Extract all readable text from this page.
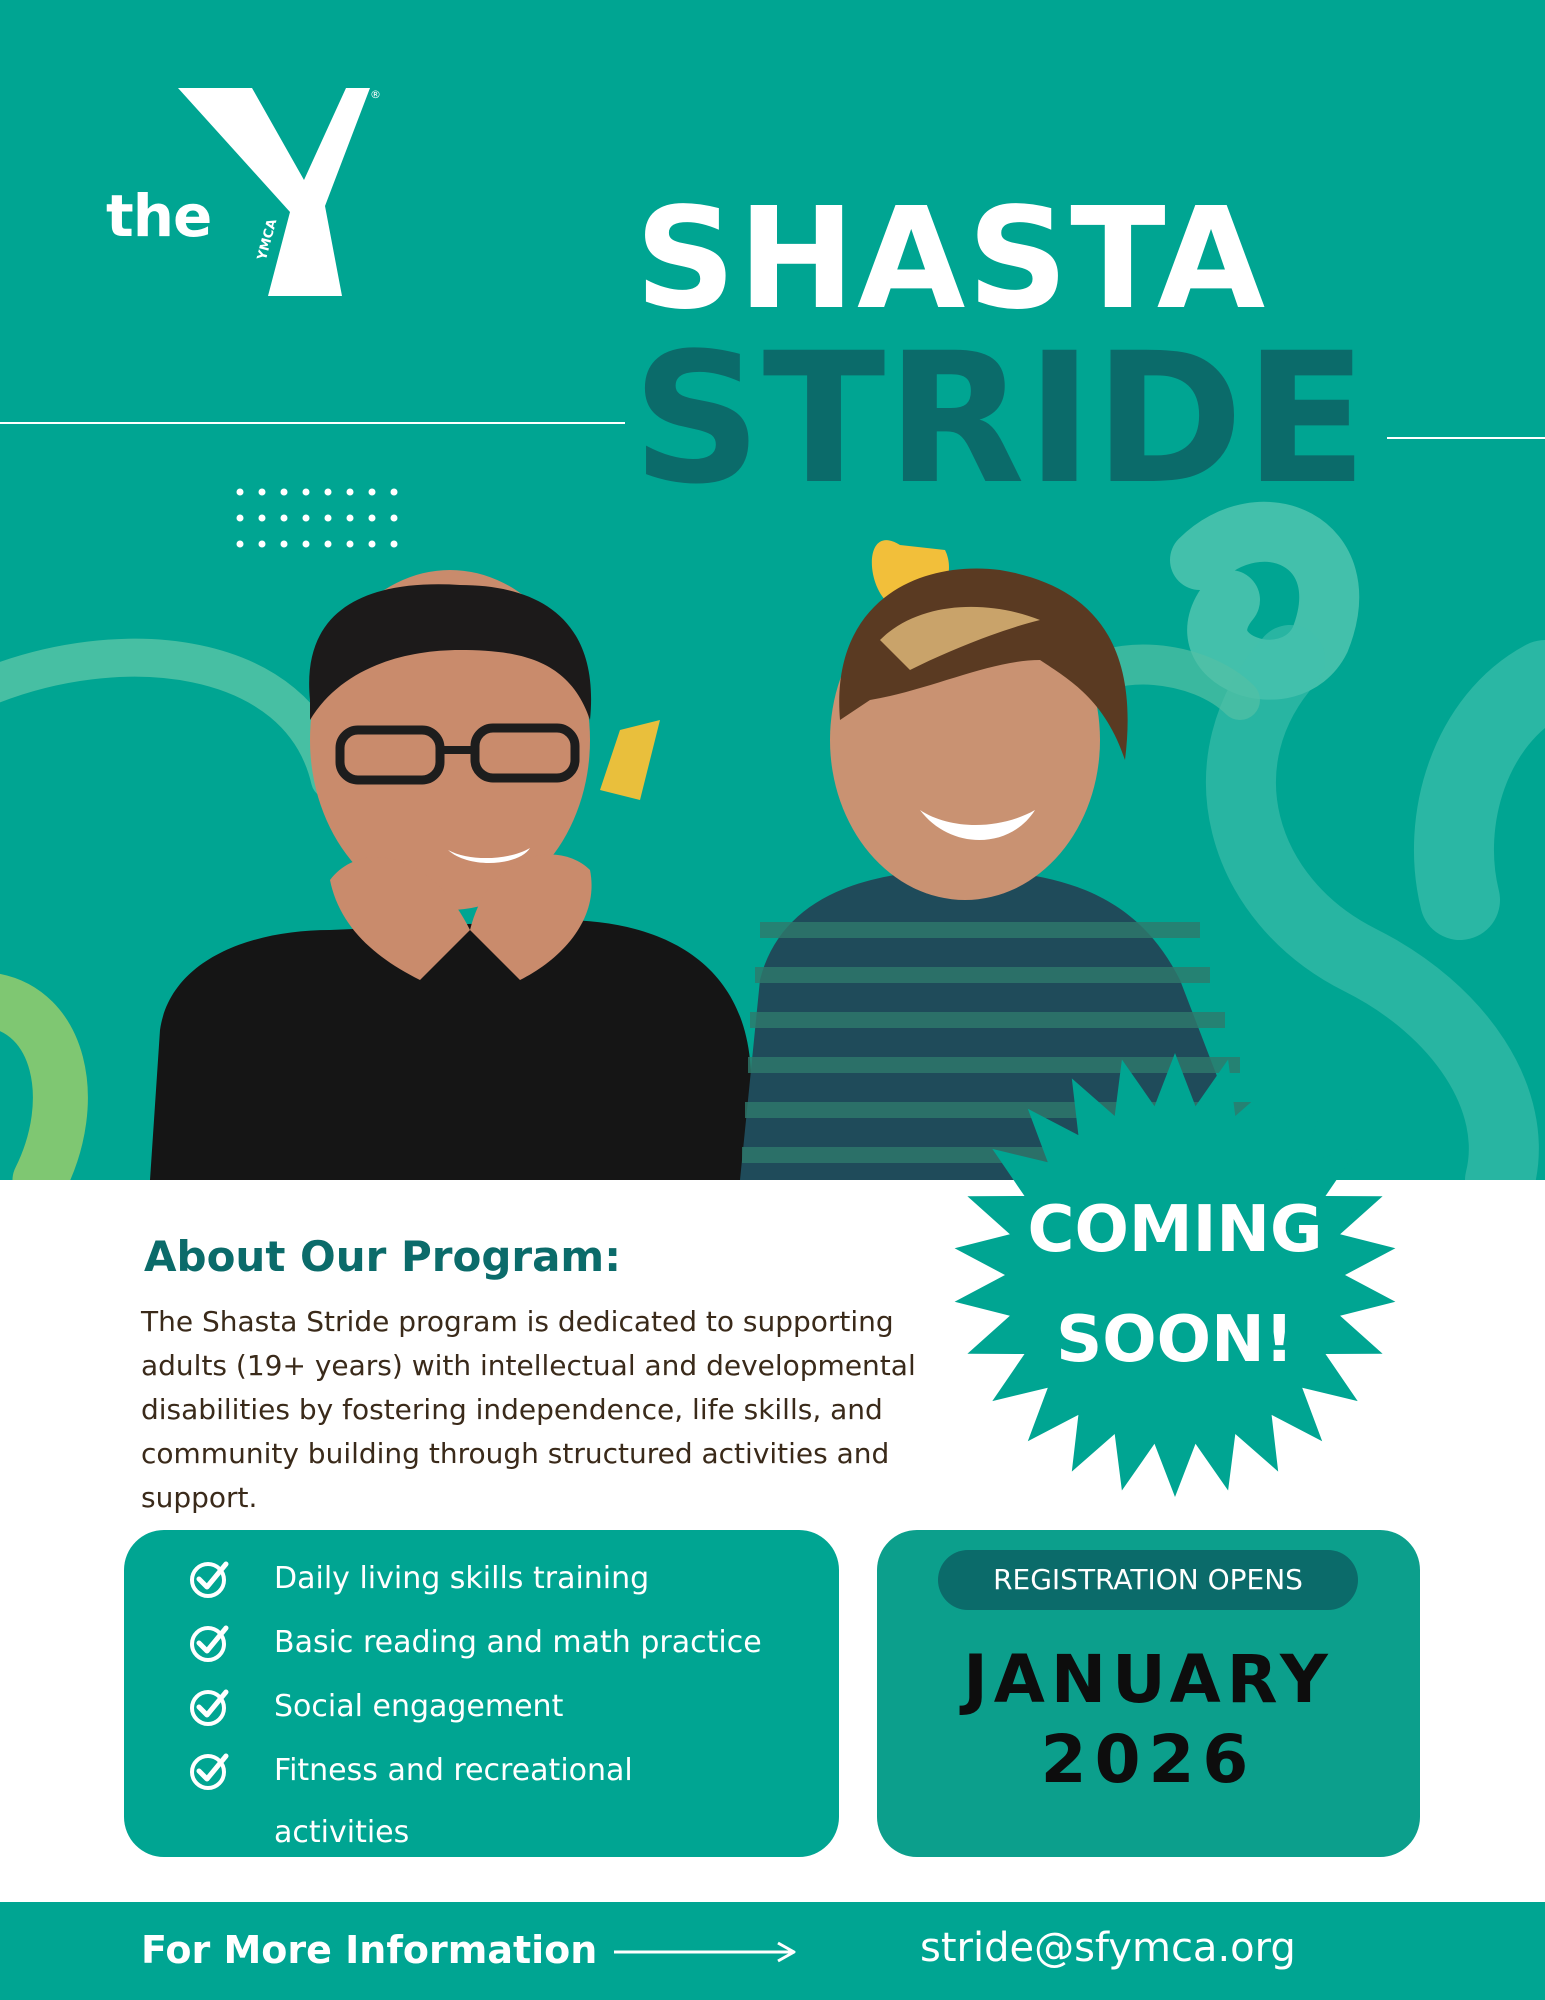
the	YMCA
®
SHASTA
STRIDE
COMING
SOON!
About Our Program:

The Shasta Stride program is dedicated to supporting adults (19+ years) with intellectual and developmental disabilities by fostering independence, life skills, and community building through structured activities and support.

Daily living skills training
Basic reading and math practice
Social engagement
Fitness and recreational activities
REGISTRATION OPENS
JANUARY
2026
For More Information	stride@sfymca.org
